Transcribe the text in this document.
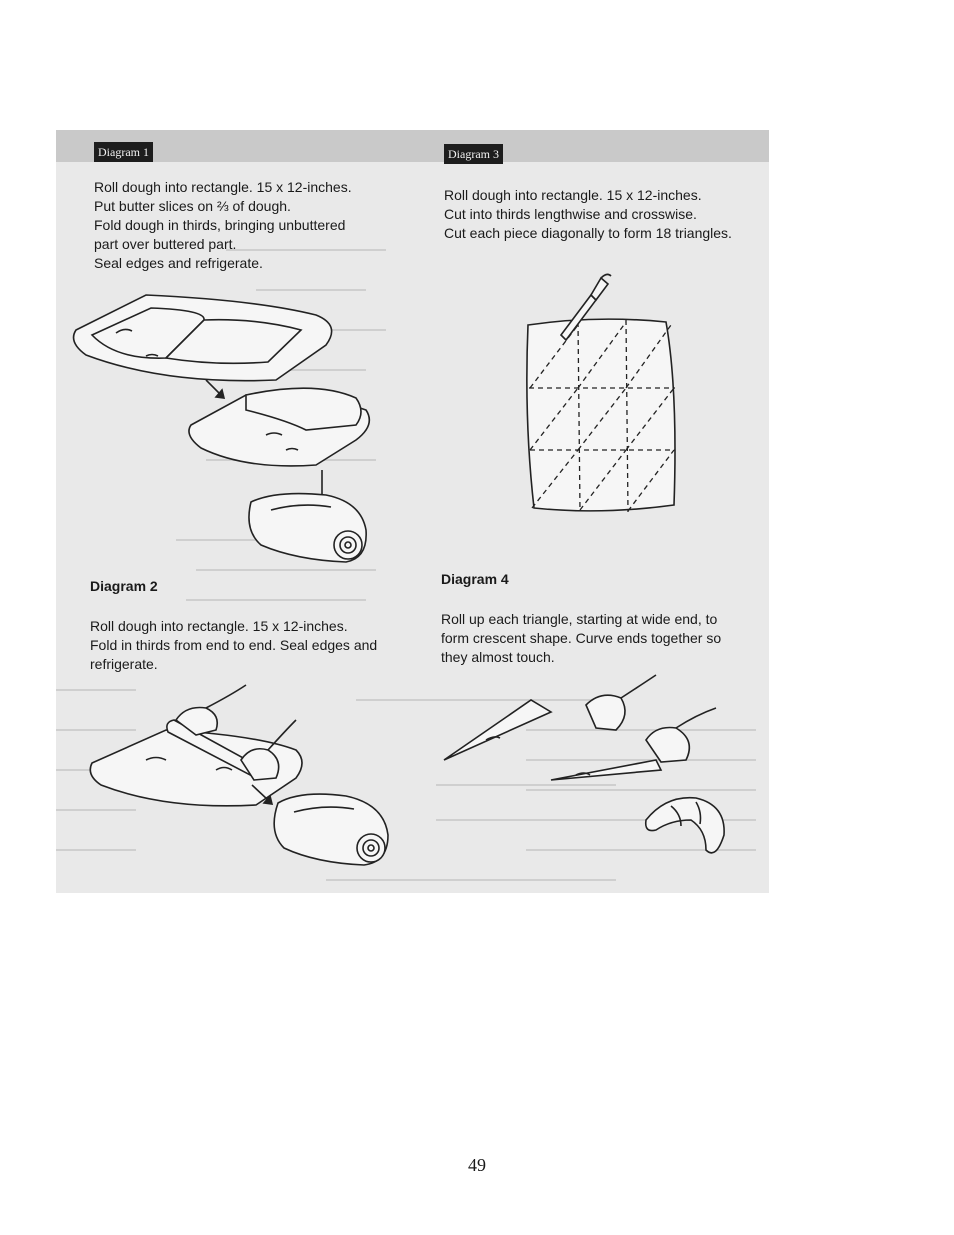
Diagram 1
Roll dough into rectangle. 15 x 12-inches.
Put butter slices on ⅔ of dough.
Fold dough in thirds, bringing unbuttered
part over buttered part.
Seal edges and refrigerate.
Diagram 3
Roll dough into rectangle. 15 x 12-inches.
Cut into thirds lengthwise and crosswise.
Cut each piece diagonally to form 18 triangles.
Diagram 2
Roll dough into rectangle. 15 x 12-inches.
Fold in thirds from end to end. Seal edges and
refrigerate.
Diagram 4
Roll up each triangle, starting at wide end, to
form crescent shape. Curve ends together so
they almost touch.
49
